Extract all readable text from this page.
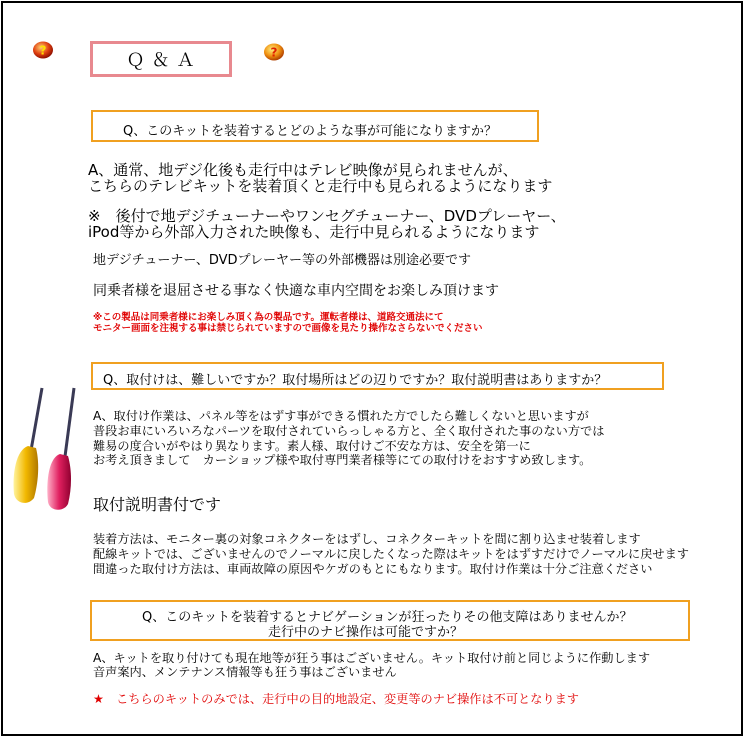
?	Ｑ＆Ａ	?
Q、このキットを装着するとどのような事が可能になりますか？
A、通常、地デジ化後も走行中はテレビ映像が見られませんが、
こちらのテレビキットを装着頂くと走行中も見られるようになります
※　後付で地デジチューナーやワンセグチューナー、DVDプレーヤー、
iPod等から外部入力された映像も、走行中見られるようになります
地デジチューナー、DVDプレーヤー等の外部機器は別途必要です
同乗者様を退屈させる事なく快適な車内空間をお楽しみ頂けます
※この製品は同乗者様にお楽しみ頂く為の製品です。運転者様は、道路交通法にて
モニター画面を注視する事は禁じられていますので画像を見たり操作なさらないでください
Q、取付けは、難しいですか？取付場所はどの辺りですか？取付説明書はありますか？
A、取付け作業は、パネル等をはずす事ができる慣れた方でしたら難しくないと思いますが
普段お車にいろいろなパーツを取付されていらっしゃる方と、全く取付された事のない方では
難易の度合いがやはり異なります。素人様、取付けご不安な方は、安全を第一に
お考え頂きまして　カーショップ様や取付専門業者様等にての取付けをおすすめ致します。
取付説明書付です
装着方法は、モニター裏の対象コネクターをはずし、コネクターキットを間に割り込ませ装着します
配線キットでは、ございませんのでノーマルに戻したくなった際はキットをはずすだけでノーマルに戻せます
間違った取付け方法は、車両故障の原因やケガのもとにもなります。取付け作業は十分ご注意ください
Q、このキットを装着するとナビゲーションが狂ったりその他支障はありませんか？
走行中のナビ操作は可能ですか？
A、キットを取り付けても現在地等が狂う事はございません。キット取付け前と同じように作動します
音声案内、メンテナンス情報等も狂う事はございません
★　こちらのキットのみでは、走行中の目的地設定、変更等のナビ操作は不可となります
